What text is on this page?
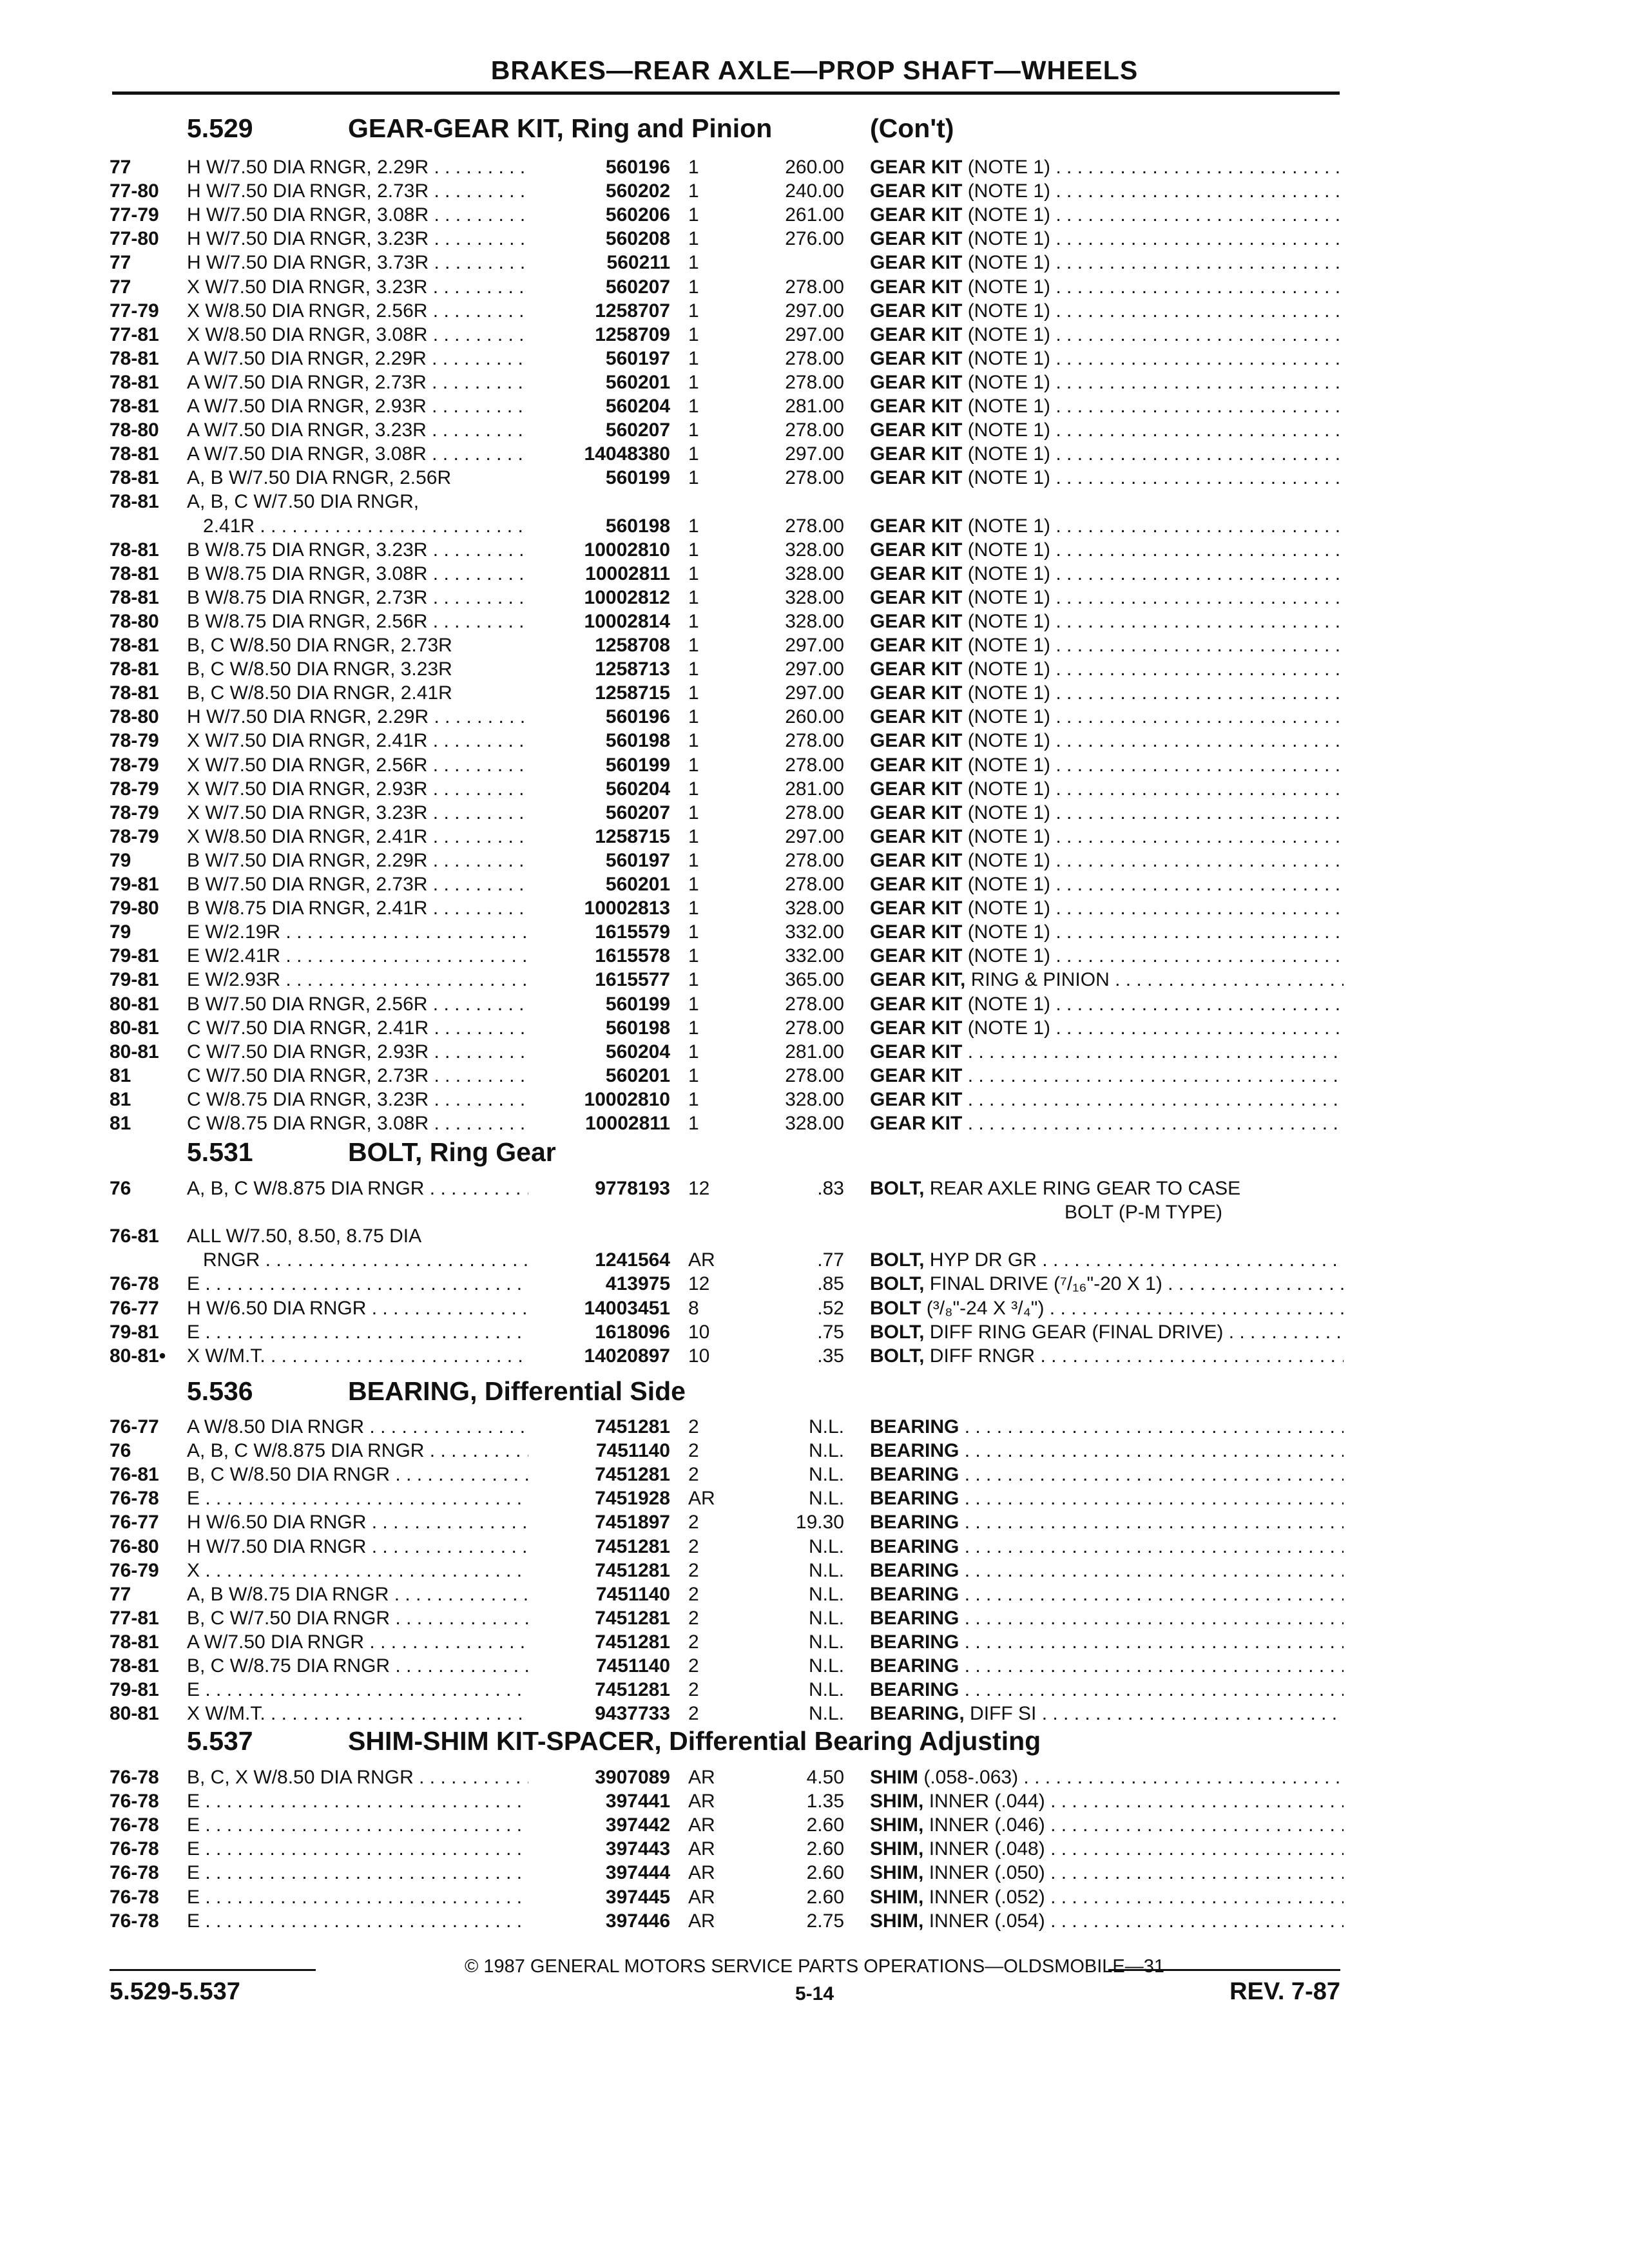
BRAKES—REAR AXLE—PROP SHAFT—WHEELS
5.529	GEAR-GEAR KIT, Ring and Pinion	(Con't)
77	H W/7.50 DIA RNGR, 2.29R . . .	560196 1	260.00 GEAR KIT (NOTE 1) . . .
77-80 H W/7.50 DIA RNGR, 2.73R . . .	560202 1	240.00 GEAR KIT (NOTE 1) . . .
77-79 H W/7.50 DIA RNGR, 3.08R . . .	560206 1	261.00 GEAR KIT (NOTE 1) . . .
77-80 H W/7.50 DIA RNGR, 3.23R . . .	560208 1	276.00 GEAR KIT (NOTE 1) . . .
77	H W/7.50 DIA RNGR, 3.73R . . .	560211 1	GEAR KIT (NOTE 1) . . .
77	X W/7.50 DIA RNGR, 3.23R . . .	560207 1	278.00 GEAR KIT (NOTE 1) . . .
77-79 X W/8.50 DIA RNGR, 2.56R . . .	1258707 1	297.00 GEAR KIT (NOTE 1) . . .
77-81 X W/8.50 DIA RNGR, 3.08R . . .	1258709 1	297.00 GEAR KIT (NOTE 1) . . .
78-81 A W/7.50 DIA RNGR, 2.29R . . .	560197 1	278.00 GEAR KIT (NOTE 1) . . .
78-81 A W/7.50 DIA RNGR, 2.73R . . .	560201 1	278.00 GEAR KIT (NOTE 1) . . .
78-81 A W/7.50 DIA RNGR, 2.93R . . .	560204 1	281.00 GEAR KIT (NOTE 1) . . .
78-80 A W/7.50 DIA RNGR, 3.23R . . .	560207 1	278.00 GEAR KIT (NOTE 1) . . .
78-81 A W/7.50 DIA RNGR, 3.08R . . .	14048380 1	297.00 GEAR KIT (NOTE 1) . . .
78-81 A, B W/7.50 DIA RNGR, 2.56R	560199 1	278.00 GEAR KIT (NOTE 1) . . .
78-81 A, B, C W/7.50 DIA RNGR,
2.41R . . .	560198 1	278.00 GEAR KIT (NOTE 1) . . .
78-81 B W/8.75 DIA RNGR, 3.23R . . .	10002810 1	328.00 GEAR KIT (NOTE 1) . . .
78-81 B W/8.75 DIA RNGR, 3.08R . . .	10002811 1	328.00 GEAR KIT (NOTE 1) . . .
78-81 B W/8.75 DIA RNGR, 2.73R . . .	10002812 1	328.00 GEAR KIT (NOTE 1) . . .
78-80 B W/8.75 DIA RNGR, 2.56R . . .	10002814 1	328.00 GEAR KIT (NOTE 1) . . .
78-81 B, C W/8.50 DIA RNGR, 2.73R	1258708 1	297.00 GEAR KIT (NOTE 1) . . .
78-81 B, C W/8.50 DIA RNGR, 3.23R	1258713 1	297.00 GEAR KIT (NOTE 1) . . .
78-81 B, C W/8.50 DIA RNGR, 2.41R	1258715 1	297.00 GEAR KIT (NOTE 1) . . .
78-80 H W/7.50 DIA RNGR, 2.29R . . .	560196 1	260.00 GEAR KIT (NOTE 1) . . .
78-79 X W/7.50 DIA RNGR, 2.41R . . .	560198 1	278.00 GEAR KIT (NOTE 1) . . .
78-79 X W/7.50 DIA RNGR, 2.56R . . .	560199 1	278.00 GEAR KIT (NOTE 1) . . .
78-79 X W/7.50 DIA RNGR, 2.93R . . .	560204 1	281.00 GEAR KIT (NOTE 1) . . .
78-79 X W/7.50 DIA RNGR, 3.23R . . .	560207 1	278.00 GEAR KIT (NOTE 1) . . .
78-79 X W/8.50 DIA RNGR, 2.41R . . .	1258715 1	297.00 GEAR KIT (NOTE 1) . . .
79	B W/7.50 DIA RNGR, 2.29R . . .	560197 1	278.00 GEAR KIT (NOTE 1) . . .
79-81 B W/7.50 DIA RNGR, 2.73R . . .	560201 1	278.00 GEAR KIT (NOTE 1) . . .
79-80 B W/8.75 DIA RNGR, 2.41R . . .	10002813 1	328.00 GEAR KIT (NOTE 1) . . .
79	E W/2.19R . . .	1615579 1	332.00 GEAR KIT (NOTE 1) . . .
79-81 E W/2.41R . . .	1615578 1	332.00 GEAR KIT (NOTE 1) . . .
79-81 E W/2.93R . . .	1615577 1	365.00 GEAR KIT, RING & PINION . . .
80-81 B W/7.50 DIA RNGR, 2.56R . . .	560199 1	278.00 GEAR KIT (NOTE 1) . . .
80-81 C W/7.50 DIA RNGR, 2.41R . . .	560198 1	278.00 GEAR KIT (NOTE 1) . . .
80-81 C W/7.50 DIA RNGR, 2.93R . . .	560204 1	281.00 GEAR KIT . . .
81	C W/7.50 DIA RNGR, 2.73R . . .	560201 1	278.00 GEAR KIT . . .
81	C W/8.75 DIA RNGR, 3.23R . . .	10002810 1	328.00 GEAR KIT . . .
81	C W/8.75 DIA RNGR, 3.08R . . .	10002811 1	328.00 GEAR KIT . . .
5.531	BOLT, Ring Gear
76	A, B, C W/8.875 DIA RNGR . . .	9778193 12	.83 BOLT, REAR AXLE RING GEAR TO CASE
BOLT (P-M TYPE)
76-81 ALL W/7.50, 8.50, 8.75 DIA
RNGR . . .	1241564 AR	.77 BOLT, HYP DR GR . . .
76-78 E . . .	413975 12	.85 BOLT, FINAL DRIVE (⁷/₁₆"-20 X 1) . . .
76-77 H W/6.50 DIA RNGR . . .	14003451 8	.52 BOLT (³/₈"-24 X ³/₄") . . .
79-81 E . . .	1618096 10	.75 BOLT, DIFF RING GEAR (FINAL DRIVE) . . .
80-81• X W/M.T. . . .	14020897 10	.35 BOLT, DIFF RNGR . . .
5.536	BEARING, Differential Side
76-77 A W/8.50 DIA RNGR . . .	7451281 2	N.L. BEARING . . .
76	A, B, C W/8.875 DIA RNGR . . .	7451140 2	N.L. BEARING . . .
76-81 B, C W/8.50 DIA RNGR . . .	7451281 2	N.L. BEARING . . .
76-78 E . . .	7451928 AR	N.L. BEARING . . .
76-77 H W/6.50 DIA RNGR . . .	7451897 2	19.30 BEARING . . .
76-80 H W/7.50 DIA RNGR . . .	7451281 2	N.L. BEARING . . .
76-79 X . . .	7451281 2	N.L. BEARING . . .
77	A, B W/8.75 DIA RNGR . . .	7451140 2	N.L. BEARING . . .
77-81 B, C W/7.50 DIA RNGR . . .	7451281 2	N.L. BEARING . . .
78-81 A W/7.50 DIA RNGR . . .	7451281 2	N.L. BEARING . . .
78-81 B, C W/8.75 DIA RNGR . . .	7451140 2	N.L. BEARING . . .
79-81 E . . .	7451281 2	N.L. BEARING . . .
80-81 X W/M.T. . . .	9437733 2	N.L. BEARING, DIFF SI . . .
5.537	SHIM-SHIM KIT-SPACER, Differential Bearing Adjusting
76-78 B, C, X W/8.50 DIA RNGR . . .	3907089 AR	4.50 SHIM (.058-.063) . . .
76-78 E . . .	397441 AR	1.35 SHIM, INNER (.044) . . .
76-78 E . . .	397442 AR	2.60 SHIM, INNER (.046) . . .
76-78 E . . .	397443 AR	2.60 SHIM, INNER (.048) . . .
76-78 E . . .	397444 AR	2.60 SHIM, INNER (.050) . . .
76-78 E . . .	397445 AR	2.60 SHIM, INNER (.052) . . .
76-78 E . . .	397446 AR	2.75 SHIM, INNER (.054) . . .
© 1987 GENERAL MOTORS SERVICE PARTS OPERATIONS—OLDSMOBILE—31
5.529-5.537	5-14	REV. 7-87
